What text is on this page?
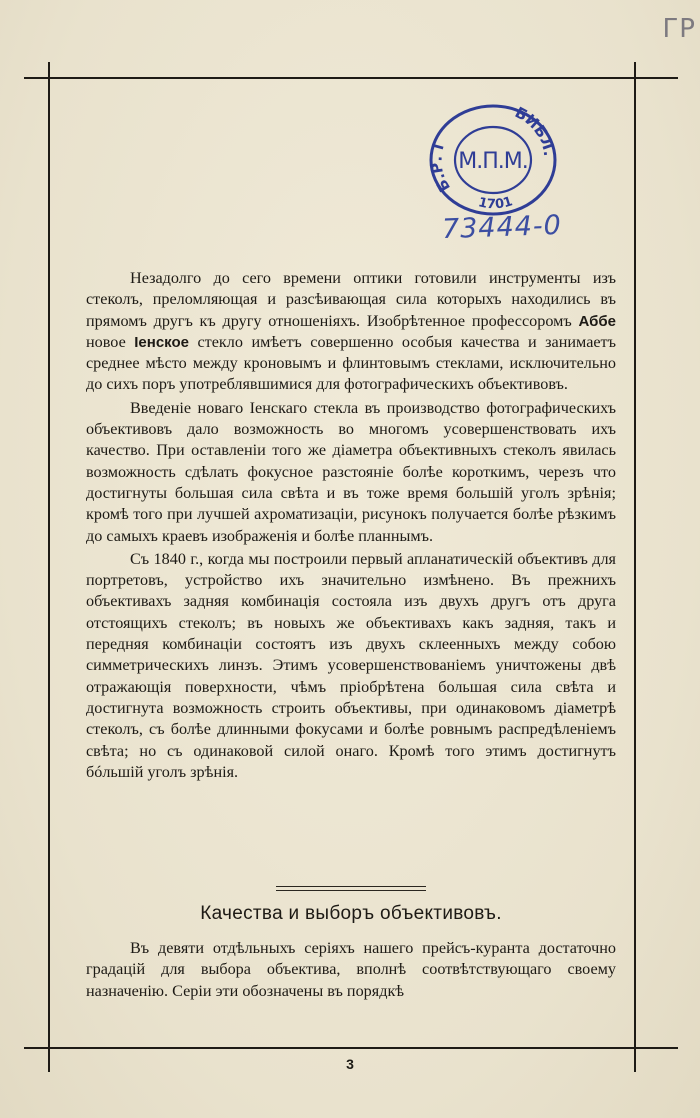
ГР
М.П.М.
Б.Р. I
БИБЛ.
1701
73444-0

Незадолго до сего времени оптики готовили инструменты изъ стеколъ, преломляющая и разсѣивающая сила которыхъ находились въ прямомъ другъ къ другу отношеніяхъ. Изобрѣтенное профессоромъ Аббе новое Іенское стекло имѣетъ совершенно особыя качества и занимаетъ среднее мѣсто между кроновымъ и флинтовымъ стеклами, исключительно до сихъ поръ употреблявшимися для фотографическихъ объективовъ.

Введеніе новаго Іенскаго стекла въ производство фотографическихъ объективовъ дало возможность во многомъ усовершенствовать ихъ качество. При оставленіи того же діаметра объективныхъ стеколъ явилась возможность сдѣлать фокусное разстояніе болѣе короткимъ, черезъ что достигнуты большая сила свѣта и въ тоже время большій уголъ зрѣнія; кромѣ того при лучшей ахроматизаціи, рисунокъ получается болѣе рѣзкимъ до самыхъ краевъ изображенія и болѣе планнымъ.

Съ 1840 г., когда мы построили первый апланатическій объективъ для портретовъ, устройство ихъ значительно измѣнено. Въ прежнихъ объективахъ задняя комбинація состояла изъ двухъ другъ отъ друга отстоящихъ стеколъ; въ новыхъ же объективахъ какъ задняя, такъ и передняя комбинаціи состоятъ изъ двухъ склеенныхъ между собою симметрическихъ линзъ. Этимъ усовершенствованіемъ уничтожены двѣ отражающія поверхности, чѣмъ пріобрѣтена большая сила свѣта и достигнута возможность строить объективы, при одинаковомъ діаметрѣ стеколъ, съ болѣе длинными фокусами и болѣе ровнымъ распредѣленіемъ свѣта; но съ одинаковой силой онаго. Кромѣ того этимъ достигнутъ бóльшій уголъ зрѣнія.

Качества и выборъ объективовъ.

Въ девяти отдѣльныхъ серіяхъ нашего прейсъ-куранта достаточно градацій для выбора объектива, вполнѣ соотвѣтствующаго своему назначенію. Серіи эти обозначены въ порядкѣ

3
